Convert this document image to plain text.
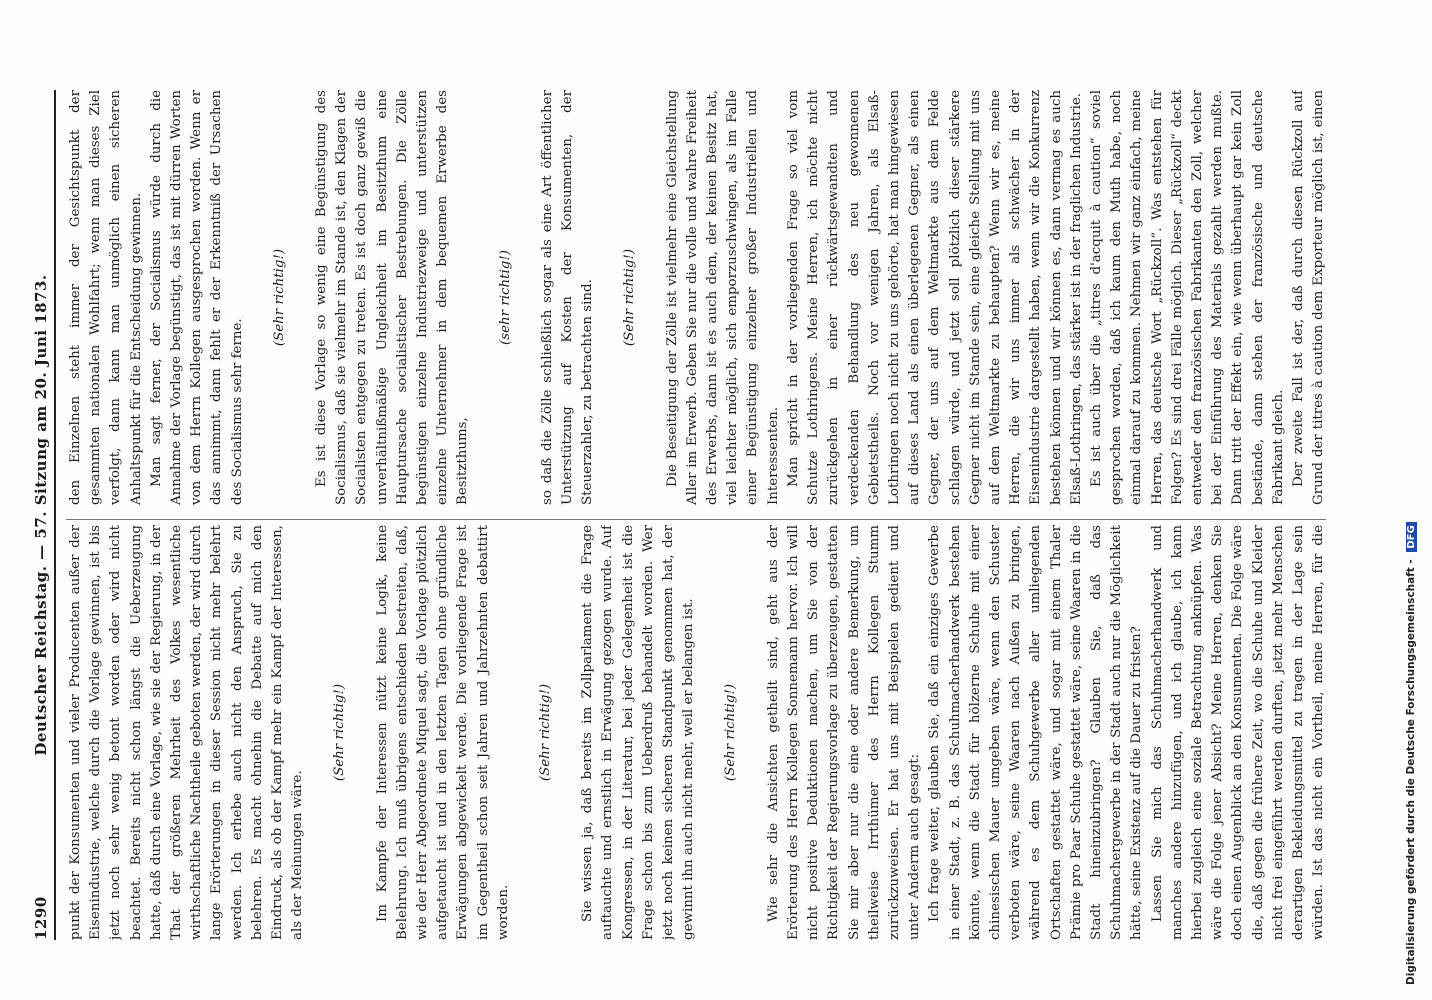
1290
Deutscher Reichstag. — 57. Sitzung am 20. Juni 1873. punkt der Konsumenten und vieler Producenten außer der Eisenindustrie, welche durch die Vorlage gewinnen, ist bis jetzt noch sehr wenig betont worden oder wird nicht beachtet. Bereits nicht schon längst die Ueberzeugung hatte, daß durch eine Vorlage, wie sie der Regierung, in der That der größeren Mehrheit des Volkes wesentliche wirthschaftliche Nachtheile geboten werden, der wird durch lange Erörterungen in dieser Session nicht mehr belehrt werden. Ich erhebe auch nicht den Anspruch, Sie zu belehren. Es macht ohnehin die Debatte auf mich den Eindruck, als ob der Kampf mehr ein Kampf der Interessen, als der Meinungen wäre.

(Sehr richtig!) Im Kampfe der Interessen nützt keine Logik, keine Belehrung. Ich muß übrigens entschieden bestreiten, daß, wie der Herr Abgeordnete Miquel sagt, die Vorlage plötzlich aufgetaucht ist und in den letzten Tagen ohne gründliche Erwägungen abgewickelt werde. Die vorliegende Frage ist im Gegentheil schon seit Jahren und Jahrzehnten debattirt worden.

(Sehr richtig!) Sie wissen ja, daß bereits im Zollparlament die Frage auftauchte und ernstlich in Erwägung gezogen wurde. Auf Kongressen, in der Literatur, bei jeder Gelegenheit ist die Frage schon bis zum Ueberdruß behandelt worden. Wer jetzt noch keinen sicheren Standpunkt genommen hat, der gewinnt ihn auch nicht mehr, weil er belangen ist. (Sehr richtig!) Wie sehr die Ansichten getheilt sind, geht aus der Erörterung des Herrn Kollegen Sonnemann hervor. Ich will nicht positive Deduktionen machen, um Sie von der Richtigkeit der Regierungsvorlage zu überzeugen, gestatten Sie mir aber nur die eine oder andere Bemerkung, um theilweise Irrthümer des Herrn Kollegen Stumm zurückzuweisen. Er hat uns mit Beispielen gedient und unter Anderm auch gesagt: Ich frage weiter, glauben Sie, daß ein einziges Gewerbe in einer Stadt, z. B. das Schuhmacherhandwerk bestehen könnte, wenn die Stadt für hölzerne Schuhe mit einer chinesischen Mauer umgeben wäre, wenn den Schuster verboten wäre, seine Waaren nach Außen zu bringen, während es dem Schuhgewerbe aller umliegenden Ortschaften gestattet wäre, und sogar mit einem Thaler Prämie pro Paar Schuhe gestattet wäre, seine Waaren in die Stadt hineinzubringen? Glauben Sie, daß das Schuhmachergewerbe in der Stadt auch nur die Möglichkeit hätte, seine Existenz auf die Dauer zu fristen? Lassen Sie mich das Schuhmacherhandwerk und manches andere hinzufügen, und ich glaube, ich kann hierbei zugleich eine soziale Betrachtung anknüpfen. Was wäre die Folge jener Absicht? Meine Herren, denken Sie doch einen Augenblick an den Konsumenten. Die Folge wäre die, daß gegen die frühere Zeit, wo die Schuhe und Kleider nicht frei eingeführt werden durften, jetzt mehr Menschen derartigen Bekleidungsmittel zu tragen in der Lage sein würden. Ist das nicht ein Vortheil, meine Herren, für die

den Einzelnen steht immer der Gesichtspunkt der gesammten nationalen Wohlfahrt; wenn man dieses Ziel verfolgt, dann kann man unmöglich einen sicheren Anhaltspunkt für die Entscheidung gewinnen. Man sagt ferner, der Socialismus würde durch die Annahme der Vorlage begünstigt, das ist mit dürren Worten von dem Herrn Kollegen ausgesprochen worden. Wenn er das annimmt, dann fehlt er der Erkenntniß der Ursachen des Socialismus sehr ferne.

(Sehr richtig!) Es ist diese Vorlage so wenig eine Begünstigung des Socialismus, daß sie vielmehr im Stande ist, den Klagen der Socialisten entgegen zu treten. Es ist doch ganz gewiß die unverhältnißmäßige Ungleichheit im Besitzthum eine Hauptursache socialistischer Bestrebungen. Die Zölle begünstigen einzelne Industriezweige und unterstützen einzelne Unternehmer in dem bequemen Erwerbe des Besitzthums,

(sehr richtig!) so daß die Zölle schließlich sogar als eine Art öffentlicher Unterstützung auf Kosten der Konsumenten, der Steuerzahler, zu betrachten sind. (Sehr richtig!) Die Beseitigung der Zölle ist vielmehr eine Gleichstellung Aller im Erwerb. Geben Sie nur die volle und wahre Freiheit des Erwerbs, dann ist es auch dem, der keinen Besitz hat, viel leichter möglich, sich emporzuschwingen, als im Falle einer Begünstigung einzelner großer Industriellen und Interessenten. Man spricht in der vorliegenden Frage so viel vom Schutze Lothringens. Meine Herren, ich möchte nicht zurückgehen in einer rückwärtsgewandten und verdeckenden Behandlung des neu gewonnenen Gebietstheils. Noch vor wenigen Jahren, als Elsaß-Lothringen noch nicht zu uns gehörte, hat man hingewiesen auf dieses Land als einen überlegenen Gegner, als einen Gegner, der uns auf dem Weltmarkte aus dem Felde schlagen würde, und jetzt soll plötzlich dieser stärkere Gegner nicht im Stande sein, eine gleiche Stellung mit uns auf dem Weltmarkte zu behaupten? Wenn wir es, meine Herren, die wir uns immer als schwächer in der Eisenindustrie dargestellt haben, wenn wir die Konkurrenz bestehen können und wir können es, dann vermag es auch Elsaß-Lothringen, das stärker ist in der fraglichen Industrie. Es ist auch über die „titres d'acquit à caution“ soviel gesprochen worden, daß ich kaum den Muth habe, noch einmal darauf zu kommen. Nehmen wir ganz einfach, meine Herren, das deutsche Wort „Rückzoll“. Was entstehen für Folgen? Es sind drei Fälle möglich. Dieser „Rückzoll“ deckt entweder den französischen Fabrikanten den Zoll, welcher bei der Einführung des Materials gezahlt werden mußte. Dann tritt der Effekt ein, wie wenn überhaupt gar kein Zoll bestände, dann stehen der französische und deutsche Fabrikant gleich. Der zweite Fall ist der, daß durch diesen Rückzoll auf Grund der titres à caution dem Exporteur möglich ist, einen

Digitalisierung gefördert durch die Deutsche Forschungsgemeinschaft - DFG
